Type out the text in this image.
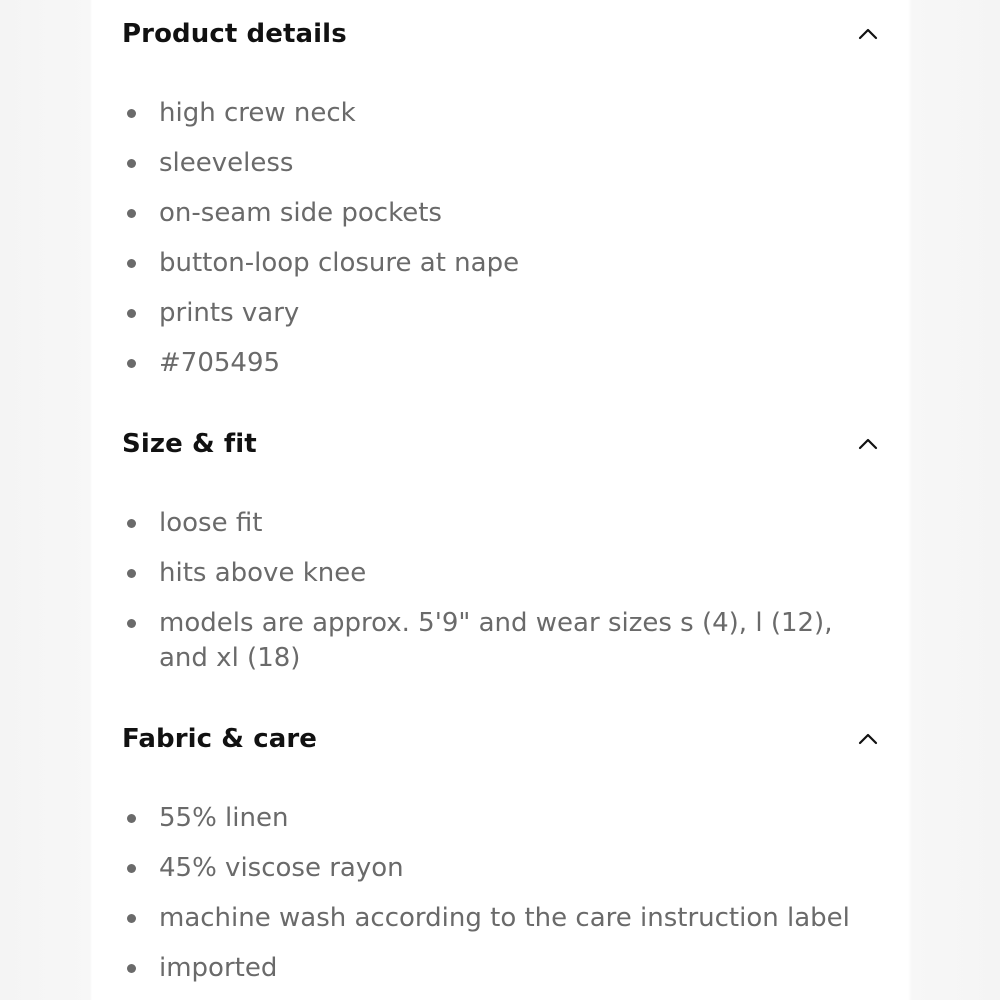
Product details
high crew neck
sleeveless
on-seam side pockets
button-loop closure at nape
prints vary
#705495
Size & fit
loose fit
hits above knee
models are approx. 5'9" and wear sizes s (4), l (12), and xl (18)
Fabric & care
55% linen
45% viscose rayon
machine wash according to the care instruction label
imported
